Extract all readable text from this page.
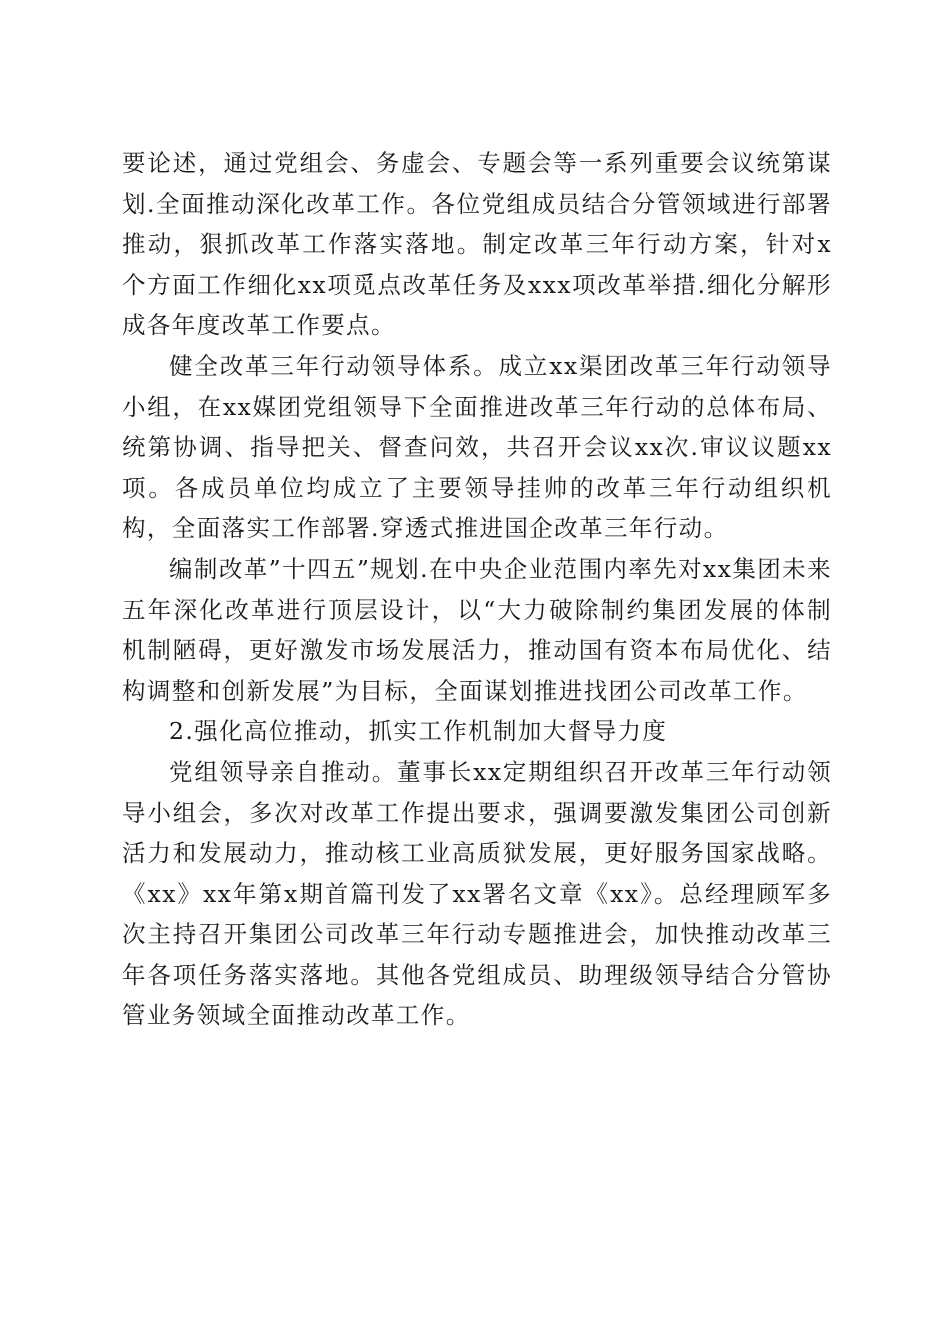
要论述，通过党组会、务虚会、专题会等一系列重要会议统第谋划.全面推动深化改革工作。各位党组成员结合分管领域进行部署推动，狠抓改革工作落实落地。制定改革三年行动方案，针对x个方面工作细化xx项觅点改革任务及xxx项改革举措.细化分解形成各年度改革工作要点。

健全改革三年行动领导体系。成立xx渠团改革三年行动领导小组，在xx媒团党组领导下全面推进改革三年行动的总体布局、统第协调、指导把关、督查问效，共召开会议xx次.审议议题xx项。各成员单位均成立了主要领导挂帅的改革三年行动组织机构，全面落实工作部署.穿透式推进国企改革三年行动。

编制改革”十四五”规划.在中央企业范围内率先对xx集团未来五年深化改革进行顶层设计，以“大力破除制约集团发展的体制机制陋碍，更好激发市场发展活力，推动国有资本布局优化、结构调整和创新发展”为目标，全面谋划推进找团公司改革工作。

2.强化高位推动，抓实工作机制加大督导力度

党组领导亲自推动。董事长xx定期组织召开改革三年行动领导小组会，多次对改革工作提出要求，强调要激发集团公司创新活力和发展动力，推动核工业高质狱发展，更好服务国家战略。《xx》xx年第x期首篇刊发了xx署名文章《xx》。总经理顾军多次主持召开集团公司改革三年行动专题推进会，加快推动改革三年各项任务落实落地。其他各党组成员、助理级领导结合分管协管业务领域全面推动改革工作。
